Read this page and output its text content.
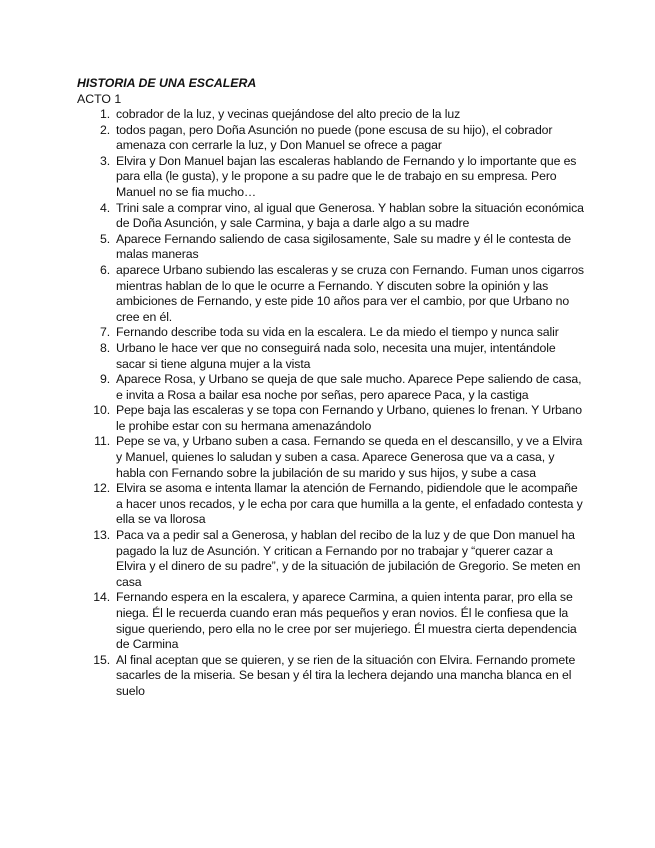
HISTORIA DE UNA ESCALERA

ACTO 1

1. cobrador de la luz, y vecinas quejándose del alto precio de la luz
2. todos pagan, pero Doña Asunción no puede (pone escusa de su hijo), el cobrador amenaza con cerrarle la luz, y Don Manuel se ofrece a pagar
3. Elvira y Don Manuel bajan las escaleras hablando de Fernando y lo importante que es para ella (le gusta), y le propone a su padre que le de trabajo en su empresa. Pero Manuel no se fia mucho…
4. Trini sale a comprar vino, al igual que Generosa. Y hablan sobre la situación económica de Doña Asunción, y sale Carmina, y baja a darle algo a su madre
5. Aparece Fernando saliendo de casa sigilosamente, Sale su madre y él le contesta de malas maneras
6. aparece Urbano subiendo las escaleras y se cruza con Fernando. Fuman unos cigarros mientras hablan de lo que le ocurre a Fernando. Y discuten sobre la opinión y las ambiciones de Fernando, y este pide 10 años para ver el cambio, por que Urbano no cree en él.
7. Fernando describe toda su vida en la escalera. Le da miedo el tiempo y nunca salir
8. Urbano le hace ver que no conseguirá nada solo, necesita una mujer, intentándole sacar si tiene alguna mujer a la vista
9. Aparece Rosa, y Urbano se queja de que sale mucho. Aparece Pepe saliendo de casa, e invita a Rosa a bailar esa noche por señas, pero aparece Paca, y la castiga
10. Pepe baja las escaleras y se topa con Fernando y Urbano, quienes lo frenan. Y Urbano le prohibe estar con su hermana amenazándolo
11. Pepe se va, y Urbano suben a casa. Fernando se queda en el descansillo, y ve a Elvira y Manuel, quienes lo saludan y suben a casa. Aparece Generosa que va a casa, y habla con Fernando sobre la jubilación de su marido y sus hijos, y sube a casa
12. Elvira se asoma e intenta llamar la atención de Fernando, pidiendole que le acompañe a hacer unos recados, y le echa por cara que humilla a la gente, el enfadado contesta y ella se va llorosa
13. Paca va a pedir sal a Generosa, y hablan del recibo de la luz y de que Don manuel ha pagado la luz de Asunción. Y critican a Fernando por no trabajar y “querer cazar a Elvira y el dinero de su padre”, y de la situación de jubilación de Gregorio. Se meten en casa
14. Fernando espera en la escalera, y aparece Carmina, a quien intenta parar, pro ella se niega. Él le recuerda cuando eran más pequeños y eran novios. Él le confiesa que la sigue queriendo, pero ella no le cree por ser mujeriego. Él muestra cierta dependencia de Carmina
15. Al final aceptan que se quieren, y se rien de la situación con Elvira. Fernando promete sacarles de la miseria. Se besan y él tira la lechera dejando una mancha blanca en el suelo
